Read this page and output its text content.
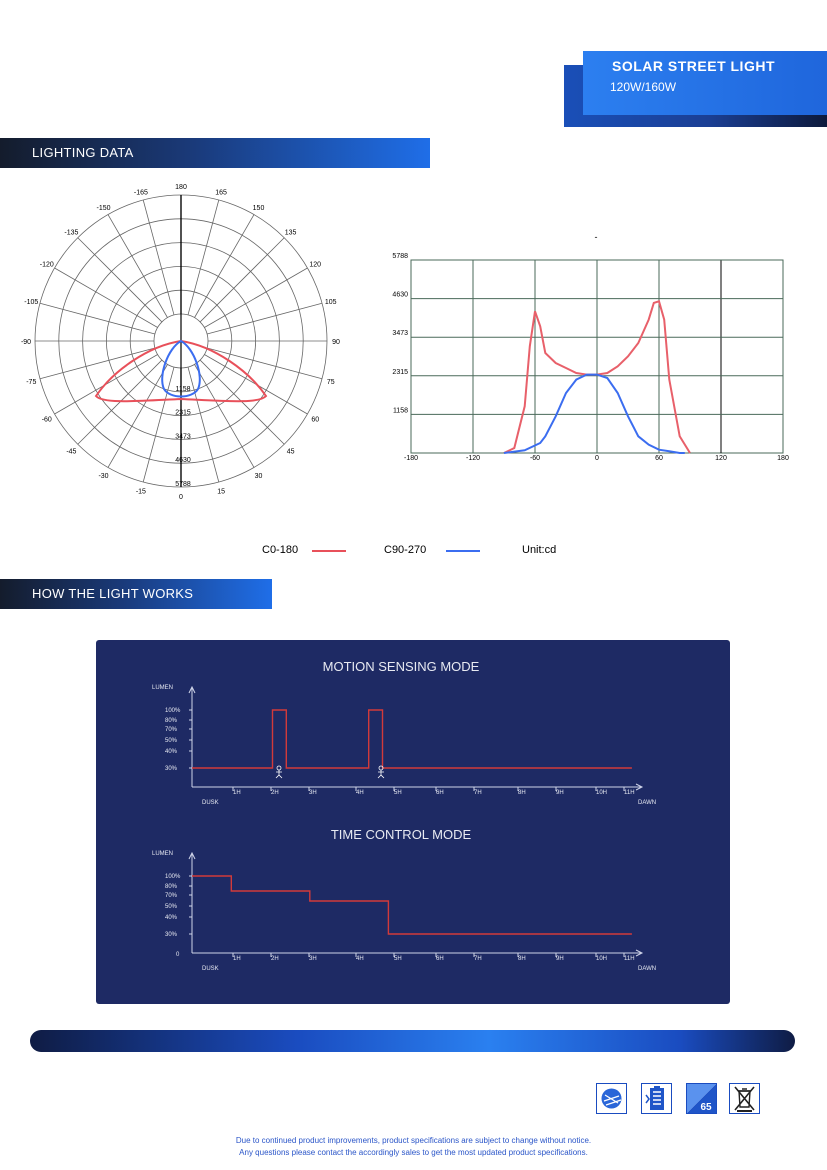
SOLAR STREET LIGHT
120W/160W
LIGHTING DATA
180
165
150
135
120
105
90
75
60
45
30
15
0
-15
-30
-45
-60
-75
-90
-105
-120
-135
-150
-165
1158
2315
3473
4630
5788
-
-180	-120	-60	0	60	120	180
1158
2315
3473
4630
5788
C0-180	C90-270	Unit:cd
HOW THE LIGHT WORKS
MOTION SENSING MODE
LUMEN
100%
80%
70%
50%
40%
30%
1H	2H	3H	4H	5H	6H	7H	8H	9H	10H	11H
DUSK	DAWN
TIME CONTROL MODE
LUMEN
100%
80%
70%
50%
40%
30%
1H	2H	3H	4H	5H	6H	7H	8H	9H	10H	11H
DUSK	DAWN
0
65
Due to continued product improvements, product specifications are subject to change without notice.
Any questions please contact the accordingly sales to get the most updated product specifications.
